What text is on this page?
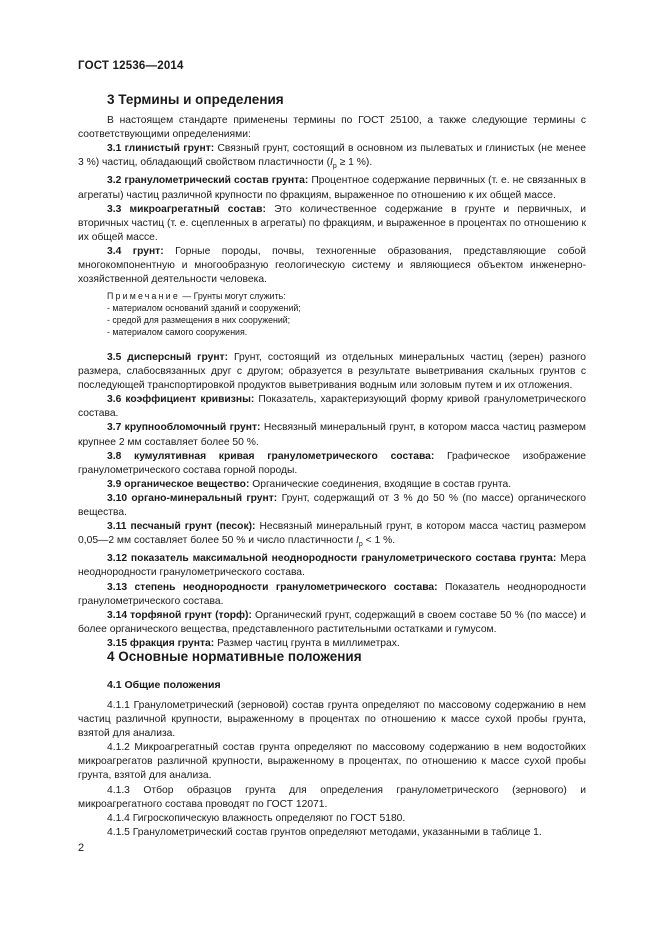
ГОСТ 12536—2014
3 Термины и определения

В настоящем стандарте применены термины по ГОСТ 25100, а также следующие термины с соответствующими определениями:

3.1 глинистый грунт: Связный грунт, состоящий в основном из пылеватых и глинистых (не менее 3 %) частиц, обладающий свойством пластичности ($I_p \ge 1$ %).

3.2 гранулометрический состав грунта: Процентное содержание первичных (т. е. не связанных в агрегаты) частиц различной крупности по фракциям, выраженное по отношению к их общей массе.

3.3 микроагрегатный состав: Это количественное содержание в грунте и первичных, и вторичных частиц (т. е. сцепленных в агрегаты) по фракциям, и выраженное в процентах по отношению к их общей массе.

3.4 грунт: Горные породы, почвы, техногенные образования, представляющие собой многокомпонентную и многообразную геологическую систему и являющиеся объектом инженерно-хозяйственной деятельности человека.

Примечание — Грунты могут служить:

- материалом оснований зданий и сооружений;

- средой для размещения в них сооружений;

- материалом самого сооружения.

3.5 дисперсный грунт: Грунт, состоящий из отдельных минеральных частиц (зерен) разного размера, слабосвязанных друг с другом; образуется в результате выветривания скальных грунтов с последующей транспортировкой продуктов выветривания водным или золовым путем и их отложения.

3.6 коэффициент кривизны: Показатель, характеризующий форму кривой гранулометрического состава.

3.7 крупнообломочный грунт: Несвязный минеральный грунт, в котором масса частиц размером крупнее 2 мм составляет более 50 %.

3.8 кумулятивная кривая гранулометрического состава: Графическое изображение гранулометрического состава горной породы.

3.9 органическое вещество: Органические соединения, входящие в состав грунта.

3.10 органо-минеральный грунт: Грунт, содержащий от 3 % до 50 % (по массе) органического вещества.

3.11 песчаный грунт (песок): Несвязный минеральный грунт, в котором масса частиц размером 0,05—2 мм составляет более 50 % и число пластичности $I_p < 1$ %.

3.12 показатель максимальной неоднородности гранулометрического состава грунта: Мера неоднородности гранулометрического состава.

3.13 степень неоднородности гранулометрического состава: Показатель неоднородности гранулометрического состава.

3.14 торфяной грунт (торф): Органический грунт, содержащий в своем составе 50 % (по массе) и более органического вещества, представленного растительными остатками и гумусом.

3.15 фракция грунта: Размер частиц грунта в миллиметрах.

4 Основные нормативные положения
4.1 Общие положения

4.1.1 Гранулометрический (зерновой) состав грунта определяют по массовому содержанию в нем частиц различной крупности, выраженному в процентах по отношению к массе сухой пробы грунта, взятой для анализа.

4.1.2 Микроагрегатный состав грунта определяют по массовому содержанию в нем водостойких микроагрегатов различной крупности, выраженному в процентах, по отношению к массе сухой пробы грунта, взятой для анализа.

4.1.3 Отбор образцов грунта для определения гранулометрического (зернового) и микроагрегатного состава проводят по ГОСТ 12071.

4.1.4 Гигроскопическую влажность определяют по ГОСТ 5180.

4.1.5 Гранулометрический состав грунтов определяют методами, указанными в таблице 1.

2
